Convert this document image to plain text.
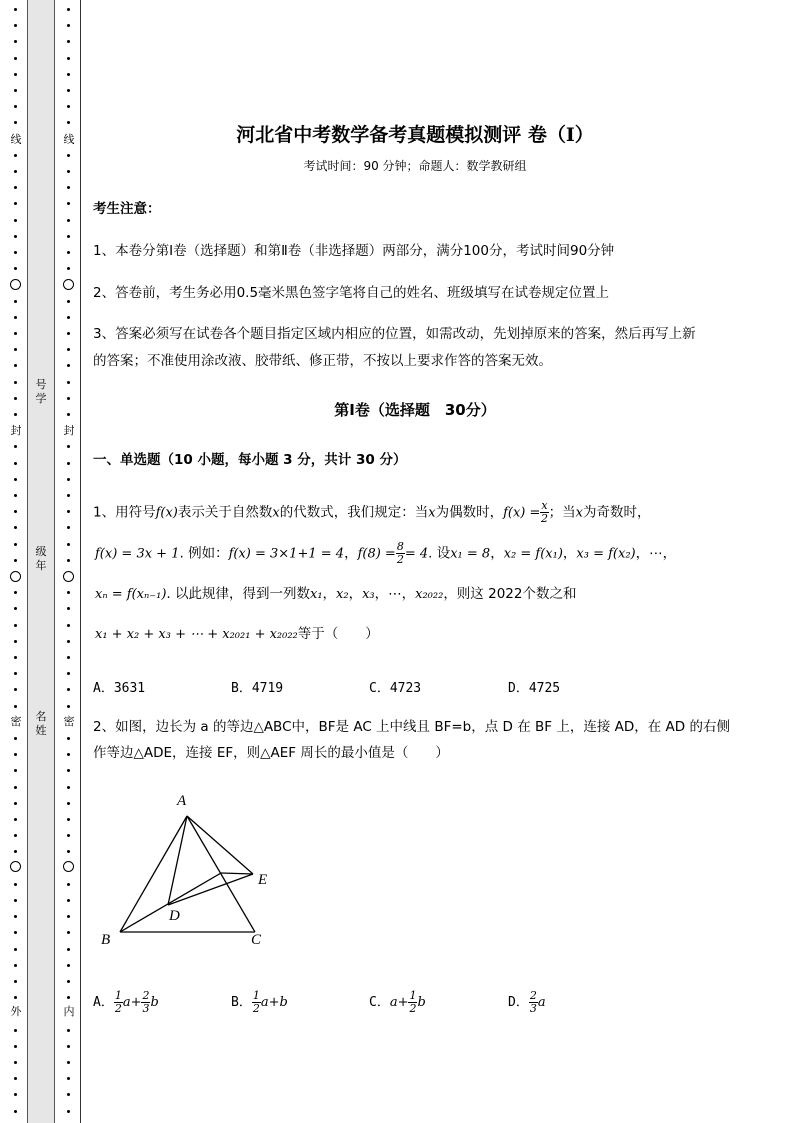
线
封
密
外
线
封
密
内
号学
级年
名姓
河北省中考数学备考真题模拟测评 卷（Ⅰ）
考试时间：90 分钟；命题人：数学教研组
考生注意：
1、本卷分第Ⅰ卷（选择题）和第Ⅱ卷（非选择题）两部分，满分100分，考试时间90分钟
2、答卷前，考生务必用0.5毫米黑色签字笔将自己的姓名、班级填写在试卷规定位置上
3、答案必须写在试卷各个题目指定区域内相应的位置，如需改动，先划掉原来的答案，然后再写上新
的答案；不准使用涂改液、胶带纸、修正带，不按以上要求作答的答案无效。
第Ⅰ卷（选择题　30分）
一、单选题（10 小题，每小题 3 分，共计 30 分）
1、用符号f(x)表示关于自然数x的代数式，我们规定：当x为偶数时，$f(x) = \frac{x}{2}$ ；当x为奇数时，
f(x) = 3x + 1. 例如：f(x) = 3×1+1 = 4，$f(8) = \frac{8}{2} = 4$. 设x₁ = 8，x₂ = f(x₁)，x₃ = f(x₂)，⋯，
xₙ = f(xₙ₋₁). 以此规律，得到一列数x₁，x₂，x₃，⋯，x₂₀₂₂，则这 2022个数之和
x₁ + x₂ + x₃ + ⋯ + x₂₀₂₁ + x₂₀₂₂等于（　　）
A．3631	B．4719	C．4723	D．4725
2、如图，边长为 a 的等边△ABC中，BF是 AC 上中线且 BF=b，点 D 在 BF 上，连接 AD，在 AD 的右侧
作等边△ADE，连接 EF，则△AEF 周长的最小值是（　　）
A
E
D
B	C
A． $\frac{1}{2} a+ \frac{2}{3}$ b	B． $\frac{1}{2} a+b$	C．$a+ \frac{1}{2}$ b	D． $\frac{2}{3}$ a
